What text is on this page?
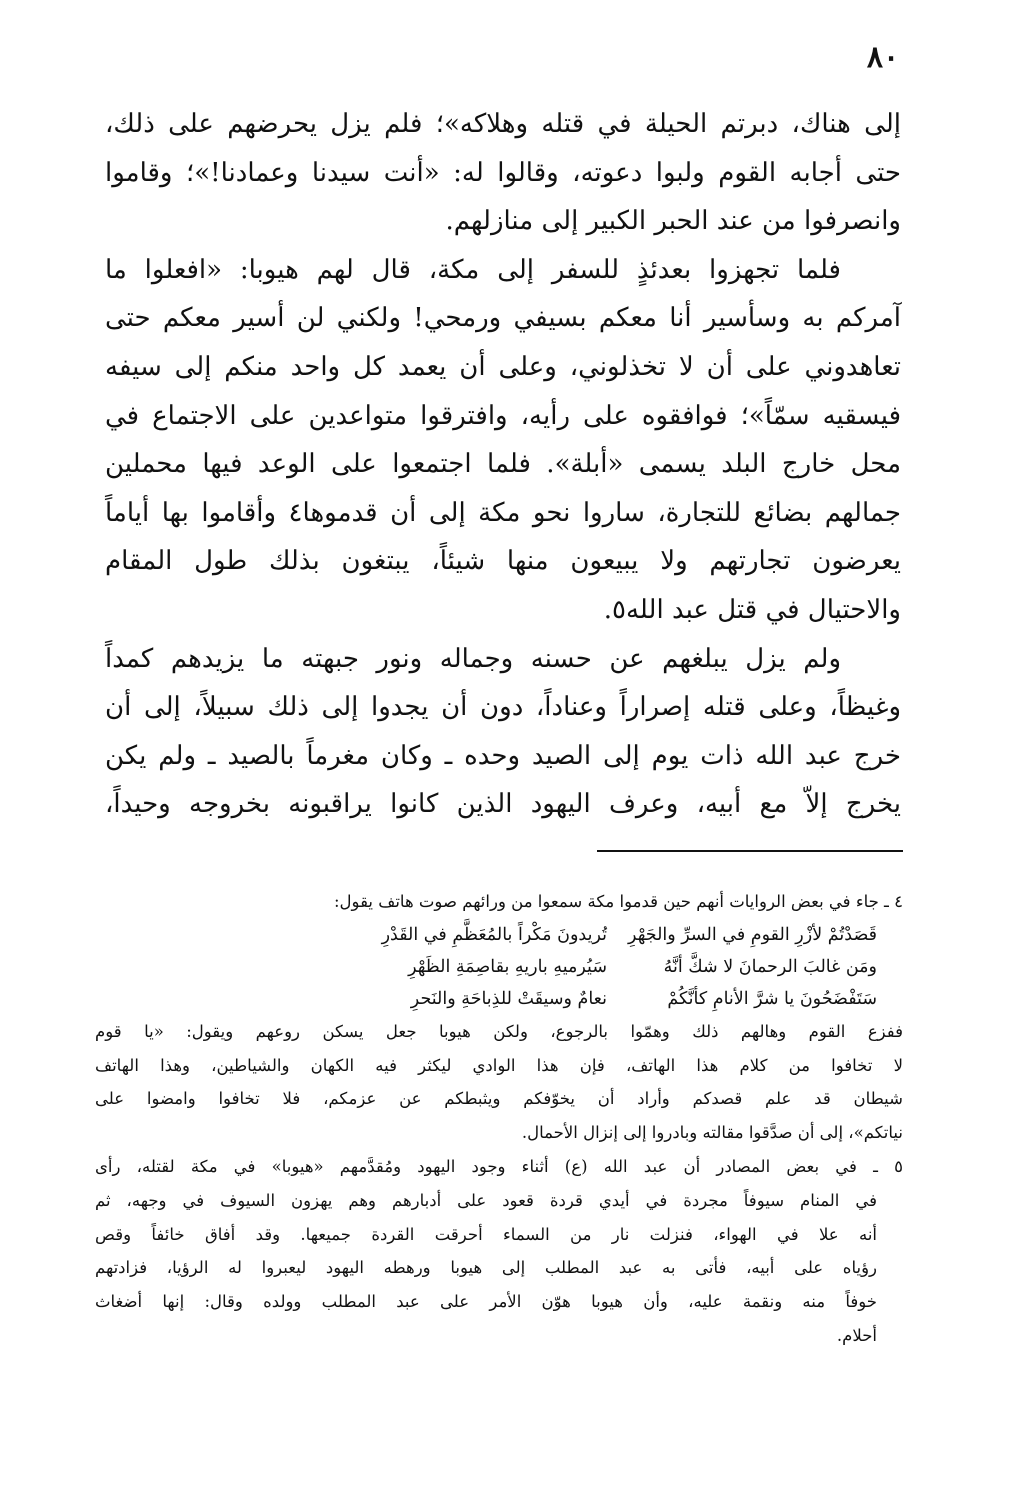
٨٠
إلى هناك، دبرتم الحيلة في قتله وهلاكه»؛ فلم يزل يحرضهم على ذلك،
حتى أجابه القوم ولبوا دعوته، وقالوا له: «أنت سيدنا وعمادنا!»؛ وقاموا
وانصرفوا من عند الحبر الكبير إلى منازلهم.
فلما تجهزوا بعدئذٍ للسفر إلى مكة، قال لهم هيوبا: «افعلوا ما
آمركم به وسأسير أنا معكم بسيفي ورمحي! ولكني لن أسير معكم حتى
تعاهدوني على أن لا تخذلوني، وعلى أن يعمد كل واحد منكم إلى سيفه
فيسقيه سمّاً»؛ فوافقوه على رأيه، وافترقوا متواعدين على الاجتماع في
محل خارج البلد يسمى «أبلة». فلما اجتمعوا على الوعد فيها محملين
جمالهم بضائع للتجارة، ساروا نحو مكة إلى أن قدموها٤ وأقاموا بها أياماً
يعرضون تجارتهم ولا يبيعون منها شيئاً، يبتغون بذلك طول المقام
والاحتيال في قتل عبد الله٥.
ولم يزل يبلغهم عن حسنه وجماله ونور جبهته ما يزيدهم كمداً
وغيظاً، وعلى قتله إصراراً وعناداً، دون أن يجدوا إلى ذلك سبيلاً، إلى أن
خرج عبد الله ذات يوم إلى الصيد وحده ـ وكان مغرماً بالصيد ـ ولم يكن
يخرج إلاّ مع أبيه، وعرف اليهود الذين كانوا يراقبونه بخروجه وحيداً،
٤ ـ جاء في بعض الروايات أنهم حين قدموا مكة سمعوا من ورائهم صوت هاتف يقول:
قَصَدْتُمْ لأزْرِ القومِ في السرِّ والجَهْرِ
تُريدونَ مَكْراً بالمُعَظَّمِ في القَدْرِ
ومَن غالبَ الرحمانَ لا شكَّ أنَّهُ
سَيُرميهِ باريهِ بقاصِمَةِ الظَهْرِ
سَتَفْضَحُونَ يا شرَّ الأنامِ كأنَّكُمْ
نعامٌ وسيقَتْ للذِباحَةِ والنَحرِ
ففزع القوم وهالهم ذلك وهمّوا بالرجوع، ولكن هيوبا جعل يسكن روعهم ويقول: «يا قوم
لا تخافوا من كلام هذا الهاتف، فإن هذا الوادي ليكثر فيه الكهان والشياطين، وهذا الهاتف
شيطان قد علم قصدكم وأراد أن يخوّفكم ويثبطكم عن عزمكم، فلا تخافوا وامضوا على
نياتكم»، إلى أن صدَّقوا مقالته وبادروا إلى إنزال الأحمال.
٥ ـ في بعض المصادر أن عبد الله (ع) أثناء وجود اليهود ومُقدَّمهم «هيوبا» في مكة لقتله، رأى
في المنام سيوفاً مجردة في أيدي قردة قعود على أدبارهم وهم يهزون السيوف في وجهه، ثم
أنه علا في الهواء، فنزلت نار من السماء أحرقت القردة جميعها. وقد أفاق خائفاً وقص
رؤياه على أبيه، فأتى به عبد المطلب إلى هيوبا ورهطه اليهود ليعبروا له الرؤيا، فزادتهم
خوفاً منه ونقمة عليه، وأن هيوبا هوّن الأمر على عبد المطلب وولده وقال: إنها أضغاث
أحلام.
